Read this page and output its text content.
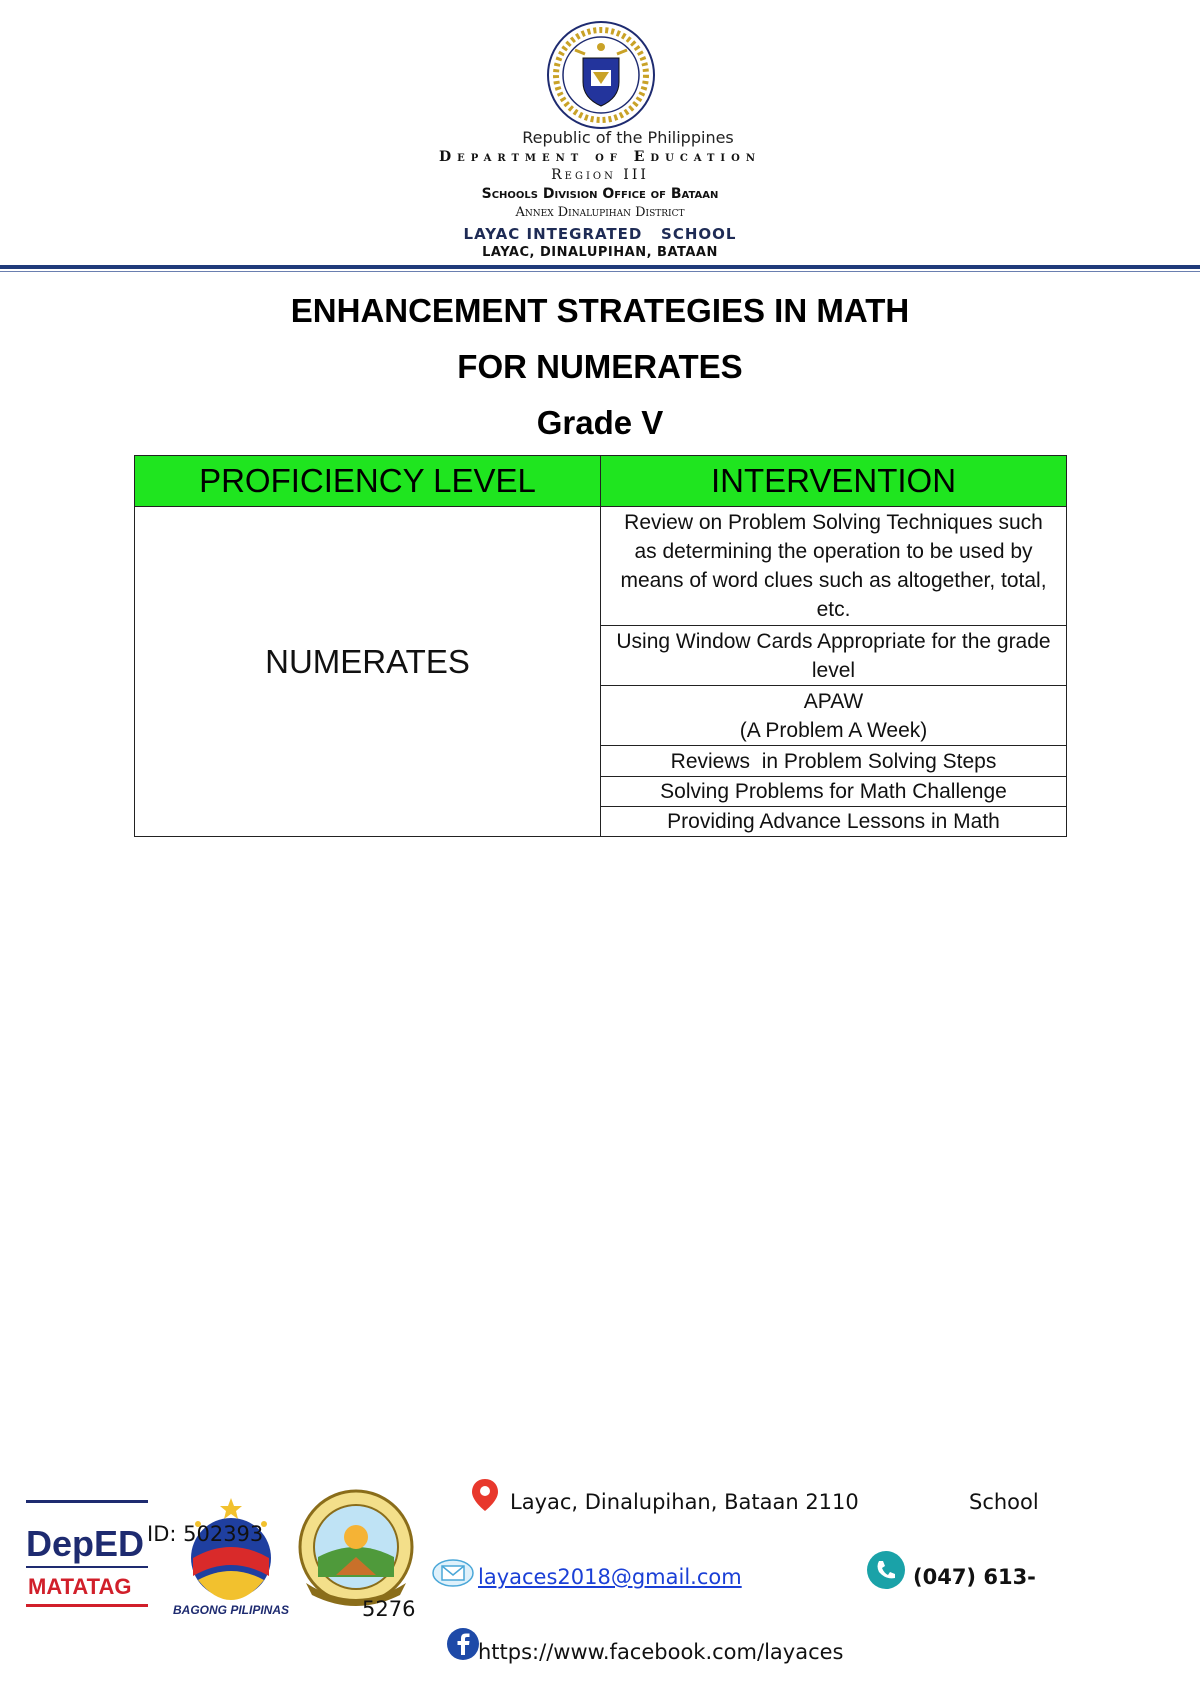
Republic of the Philippines
Department of Education
Region III
Schools Division Office of Bataan
Annex Dinalupihan District
LAYAC INTEGRATED   SCHOOL
LAYAC, DINALUPIHAN, BATAAN
ENHANCEMENT STRATEGIES IN MATH
FOR NUMERATES
Grade V
PROFICIENCY LEVEL	INTERVENTION
NUMERATES	Review on Problem Solving Techniques such as determining the operation to be used by means of word clues such as altogether, total, etc.
	Using Window Cards Appropriate for the grade level

	APAW
(A Problem A Week)

	Reviews  in Problem Solving Steps
	Solving Problems for Math Challenge
	Providing Advance Lessons in Math
DepED
MATATAG
BAGONG PILIPINAS
ID: 502393
Layac, Dinalupihan, Bataan 2110	School
layaces2018@gmail.com	(047) 613-
5276
https://www.facebook.com/layaces
